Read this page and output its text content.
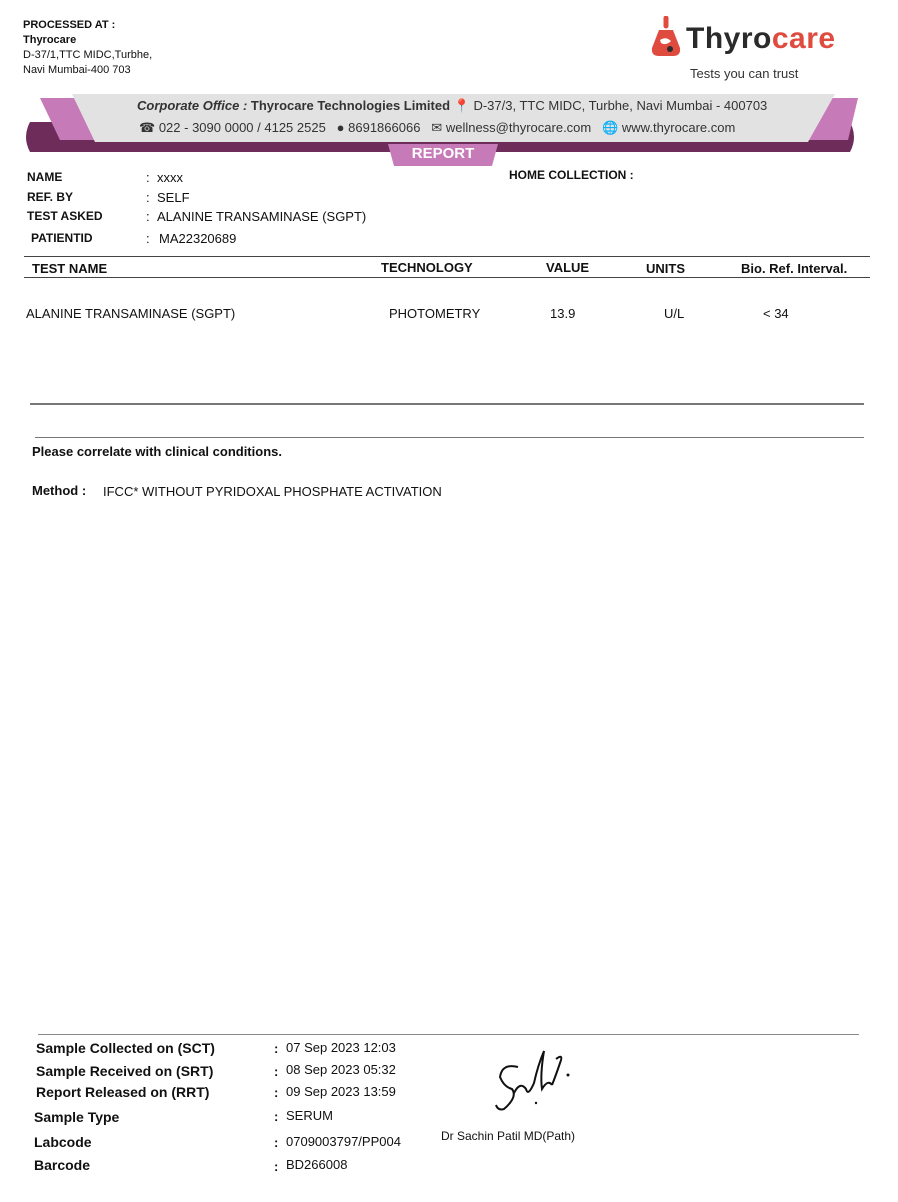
PROCESSED AT :
Thyrocare
D-37/1,TTC MIDC,Turbhe,
Navi Mumbai-400 703
Thyrocare
Tests you can trust
Corporate Office : Thyrocare Technologies Limited 📍 D-37/3, TTC MIDC, Turbhe, Navi Mumbai - 400703
☎ 022 - 3090 0000 / 4125 2525 ● 8691866066 ✉ wellness@thyrocare.com 🌐 www.thyrocare.com
REPORT
NAME	: xxxx
REF. BY	: SELF
TEST ASKED	: ALANINE TRANSAMINASE (SGPT)
PATIENTID	: MA22320689
HOME COLLECTION :
TEST NAME	TECHNOLOGY	VALUE	UNITS	Bio. Ref. Interval.
ALANINE TRANSAMINASE (SGPT)	PHOTOMETRY	13.9	U/L	< 34
Please correlate with clinical conditions.
Method : IFCC* WITHOUT PYRIDOXAL PHOSPHATE ACTIVATION
Sample Collected on (SCT)	: 07 Sep 2023 12:03
Sample Received on (SRT)	: 08 Sep 2023 05:32
Report Released on (RRT)	: 09 Sep 2023 13:59
Sample Type	: SERUM
Labcode	: 0709003797/PP004
Barcode	: BD266008
Dr Sachin Patil MD(Path)
